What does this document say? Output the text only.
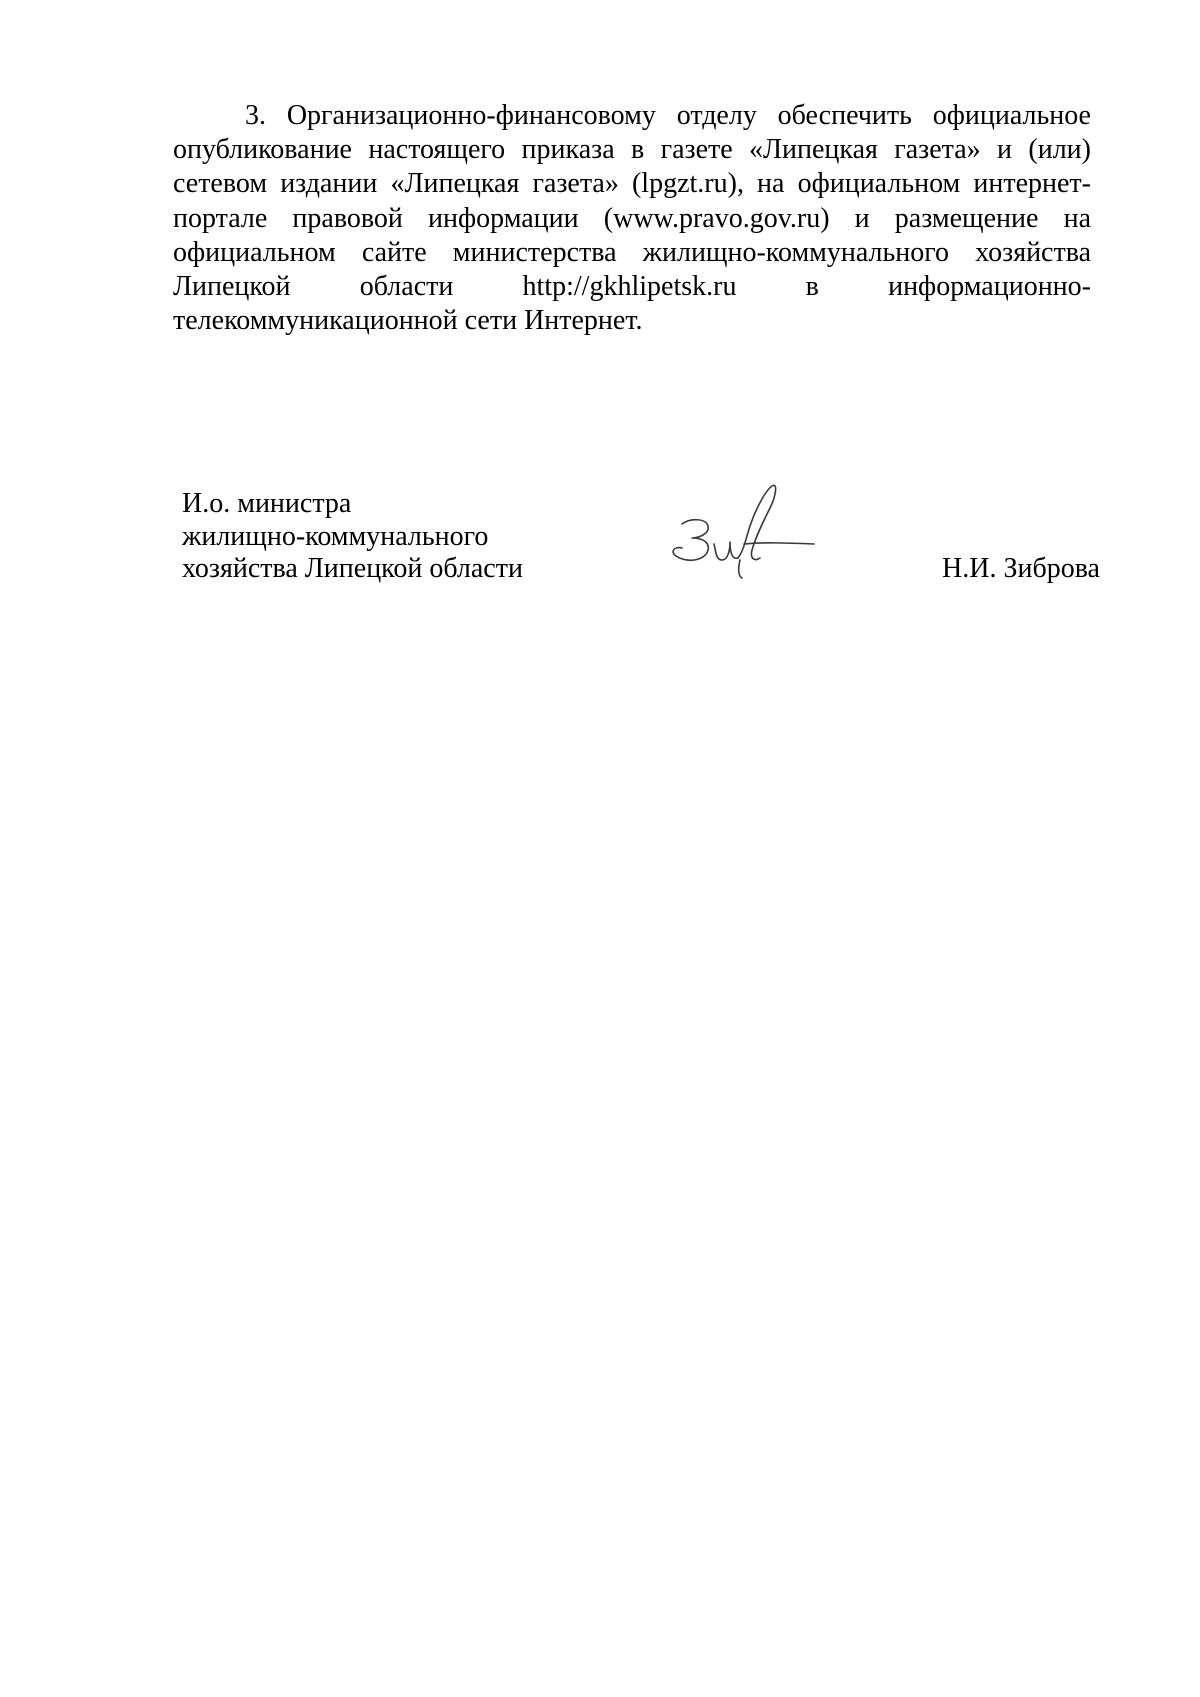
3. Организационно-финансовому отделу обеспечить официальное опубликование настоящего приказа в газете «Липецкая газета» и (или) сетевом издании «Липецкая газета» (lpgzt.ru), на официальном интернет-портале правовой информации (www.pravo.gov.ru) и размещение на официальном сайте министерства жилищно-коммунального хозяйства Липецкой области http://gkhlipetsk.ru в информационно-телекоммуникационной сети Интернет.

И.о. министра
жилищно-коммунального
хозяйства Липецкой области	Н.И. Зиброва
